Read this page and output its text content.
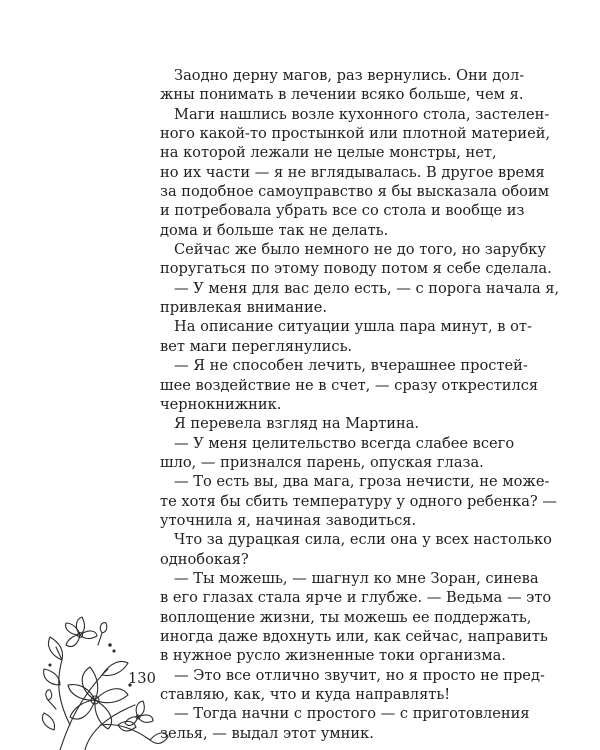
Заодно дерну магов, раз вернулись. Они дол-
жны понимать в лечении всяко больше, чем я.
Маги нашлись возле кухонного стола, застелен-
ного какой-то простынкой или плотной материей,
на которой лежали не целые монстры, нет,
но их части — я не вглядывалась. В другое время
за подобное самоуправство я бы высказала обоим
и потребовала убрать все со стола и вообще из
дома и больше так не делать.
Сейчас же было немного не до того, но зарубку
поругаться по этому поводу потом я себе сделала.
— У меня для вас дело есть, — с порога начала я,
привлекая внимание.
На описание ситуации ушла пара минут, в от-
вет маги переглянулись.
— Я не способен лечить, вчерашнее простей-
шее воздействие не в счет, — сразу открестился
чернокнижник.
Я перевела взгляд на Мартина.
— У меня целительство всегда слабее всего
шло, — признался парень, опуская глаза.
— То есть вы, два мага, гроза нечисти, не може-
те хотя бы сбить температуру у одного ребенка? —
уточнила я, начиная заводиться.
Что за дурацкая сила, если она у всех настолько
однобокая?
— Ты можешь, — шагнул ко мне Зоран, синева
в его глазах стала ярче и глубже. — Ведьма — это
воплощение жизни, ты можешь ее поддержать,
иногда даже вдохнуть или, как сейчас, направить
в нужное русло жизненные токи организма.
— Это все отлично звучит, но я просто не пред-
ставляю, как, что и куда направлять!
— Тогда начни с простого — с приготовления
зелья, — выдал этот умник.
130
